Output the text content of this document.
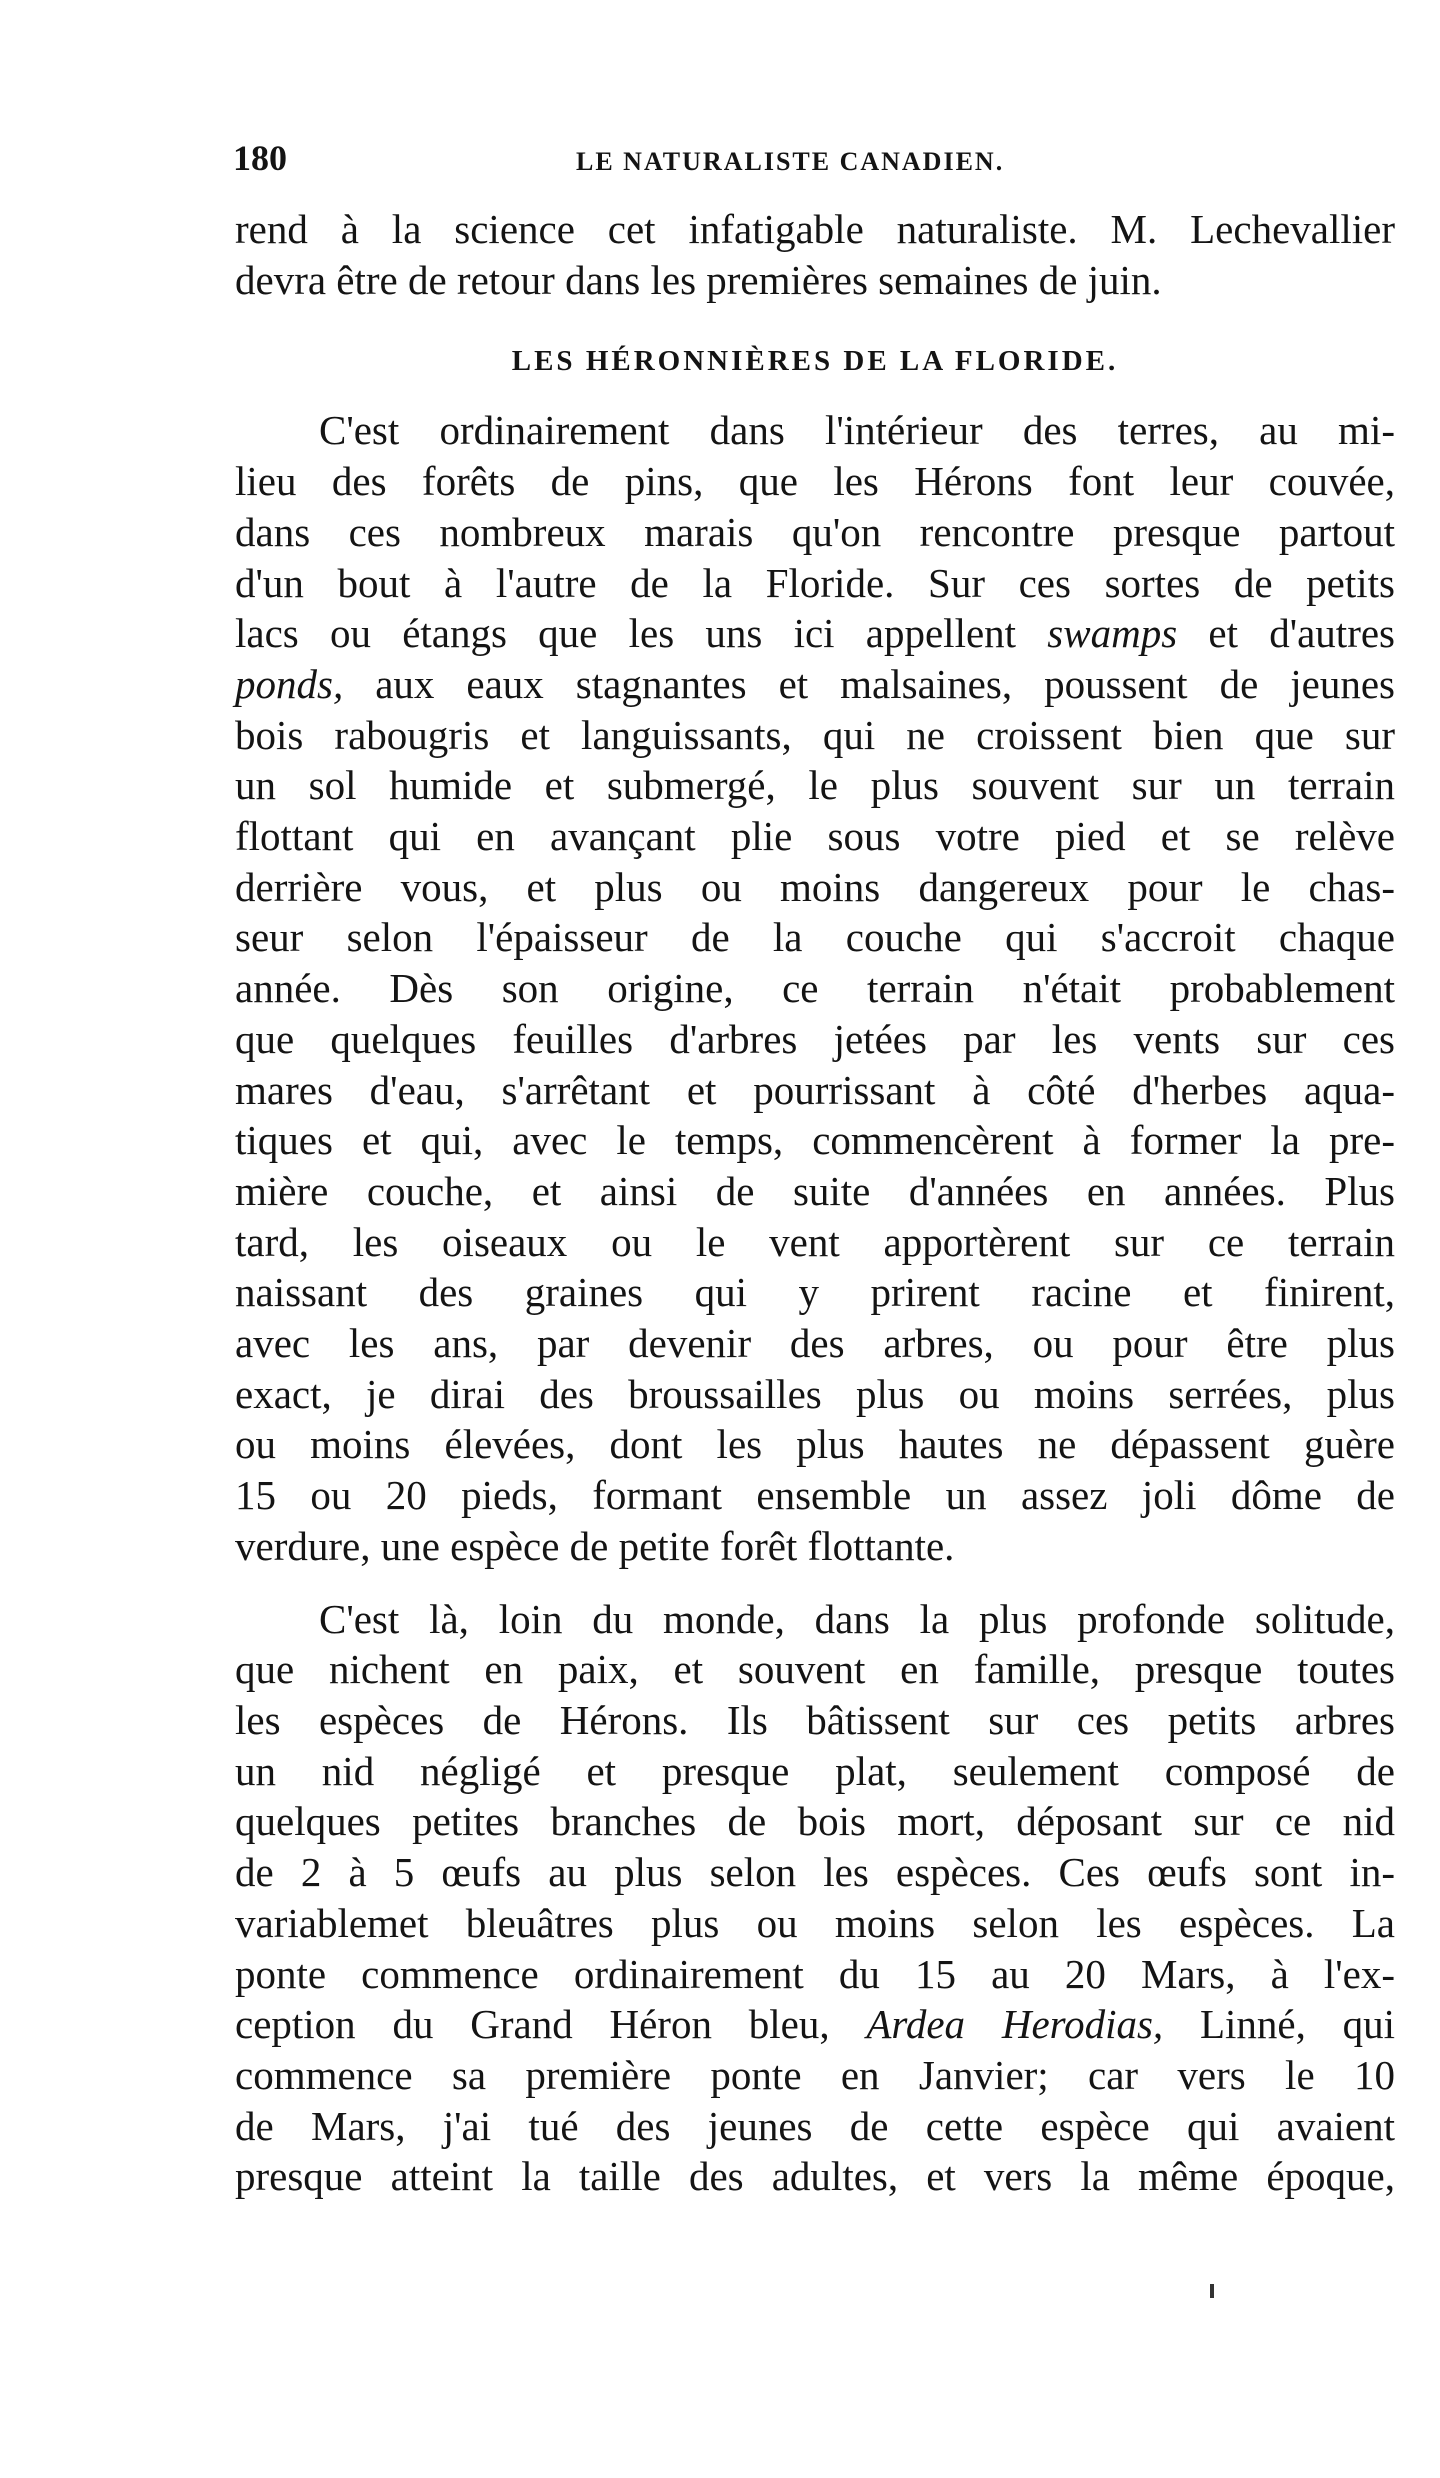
180	LE NATURALISTE CANADIEN.

rend à la science cet infatigable naturaliste. M. Lechevallier
devra être de retour dans les premières semaines de juin.

LES HÉRONNIÈRES DE LA FLORIDE.

C'est ordinairement dans l'intérieur des terres, au mi-
lieu des forêts de pins, que les Hérons font leur couvée,
dans ces nombreux marais qu'on rencontre presque partout
d'un bout à l'autre de la Floride. Sur ces sortes de petits
lacs ou étangs que les uns ici appellent swamps et d'autres
ponds, aux eaux stagnantes et malsaines, poussent de jeunes
bois rabougris et languissants, qui ne croissent bien que sur
un sol humide et submergé, le plus souvent sur un terrain
flottant qui en avançant plie sous votre pied et se relève
derrière vous, et plus ou moins dangereux pour le chas-
seur selon l'épaisseur de la couche qui s'accroit chaque
année. Dès son origine, ce terrain n'était probablement
que quelques feuilles d'arbres jetées par les vents sur ces
mares d'eau, s'arrêtant et pourrissant à côté d'herbes aqua-
tiques et qui, avec le temps, commencèrent à former la pre-
mière couche, et ainsi de suite d'années en années. Plus
tard, les oiseaux ou le vent apportèrent sur ce terrain
naissant des graines qui y prirent racine et finirent,
avec les ans, par devenir des arbres, ou pour être plus
exact, je dirai des broussailles plus ou moins serrées, plus
ou moins élevées, dont les plus hautes ne dépassent guère
15 ou 20 pieds, formant ensemble un assez joli dôme de
verdure, une espèce de petite forêt flottante.

C'est là, loin du monde, dans la plus profonde solitude,
que nichent en paix, et souvent en famille, presque toutes
les espèces de Hérons. Ils bâtissent sur ces petits arbres
un nid négligé et presque plat, seulement composé de
quelques petites branches de bois mort, déposant sur ce nid
de 2 à 5 œufs au plus selon les espèces. Ces œufs sont in-
variablemet bleuâtres plus ou moins selon les espèces. La
ponte commence ordinairement du 15 au 20 Mars, à l'ex-
ception du Grand Héron bleu, Ardea Herodias, Linné, qui
commence sa première ponte en Janvier; car vers le 10
de Mars, j'ai tué des jeunes de cette espèce qui avaient
presque atteint la taille des adultes, et vers la même époque,
